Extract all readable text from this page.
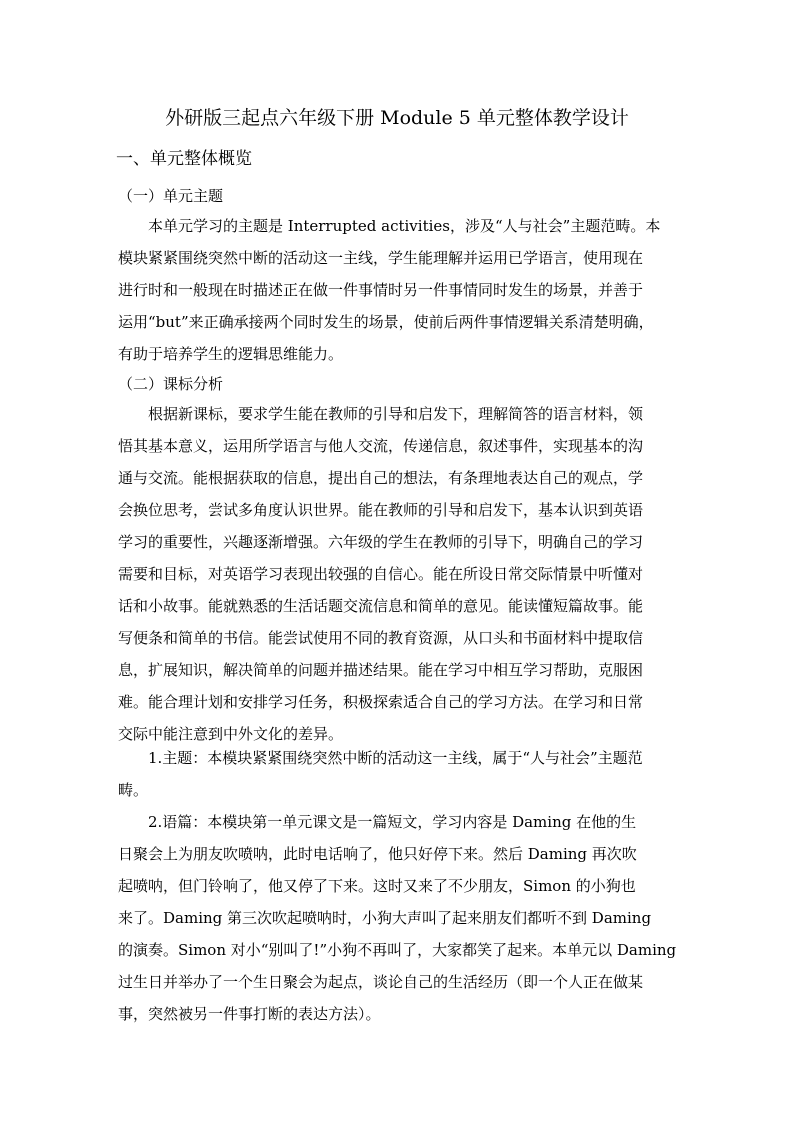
外研版三起点六年级下册 Module 5 单元整体教学设计
一、单元整体概览
（一）单元主题
本单元学习的主题是 Interrupted activities，涉及“人与社会”主题范畴。本
模块紧紧围绕突然中断的活动这一主线，学生能理解并运用已学语言，使用现在
进行时和一般现在时描述正在做一件事情时另一件事情同时发生的场景，并善于
运用“but”来正确承接两个同时发生的场景，使前后两件事情逻辑关系清楚明确，
有助于培养学生的逻辑思维能力。
（二）课标分析
根据新课标，要求学生能在教师的引导和启发下，理解简答的语言材料，领
悟其基本意义，运用所学语言与他人交流，传递信息，叙述事件，实现基本的沟
通与交流。能根据获取的信息，提出自己的想法，有条理地表达自己的观点，学
会换位思考，尝试多角度认识世界。能在教师的引导和启发下，基本认识到英语
学习的重要性，兴趣逐渐增强。六年级的学生在教师的引导下，明确自己的学习
需要和目标，对英语学习表现出较强的自信心。能在所设日常交际情景中听懂对
话和小故事。能就熟悉的生活话题交流信息和简单的意见。能读懂短篇故事。能
写便条和简单的书信。能尝试使用不同的教育资源，从口头和书面材料中提取信
息，扩展知识，解决简单的问题并描述结果。能在学习中相互学习帮助，克服困
难。能合理计划和安排学习任务，积极探索适合自己的学习方法。在学习和日常
交际中能注意到中外文化的差异。
1.主题：本模块紧紧围绕突然中断的活动这一主线，属于“人与社会”主题范
畴。
2.语篇：本模块第一单元课文是一篇短文，学习内容是 Daming 在他的生
日聚会上为朋友吹喷呐，此时电话响了，他只好停下来。然后 Daming 再次吹
起喷呐，但门铃响了，他又停了下来。这时又来了不少朋友，Simon 的小狗也
来了。Daming 第三次吹起喷呐时，小狗大声叫了起来朋友们都听不到 Daming
的演奏。Simon 对小“别叫了!”小狗不再叫了，大家都笑了起来。本单元以 Daming
过生日并举办了一个生日聚会为起点，谈论自己的生活经历（即一个人正在做某
事，突然被另一件事打断的表达方法）。
